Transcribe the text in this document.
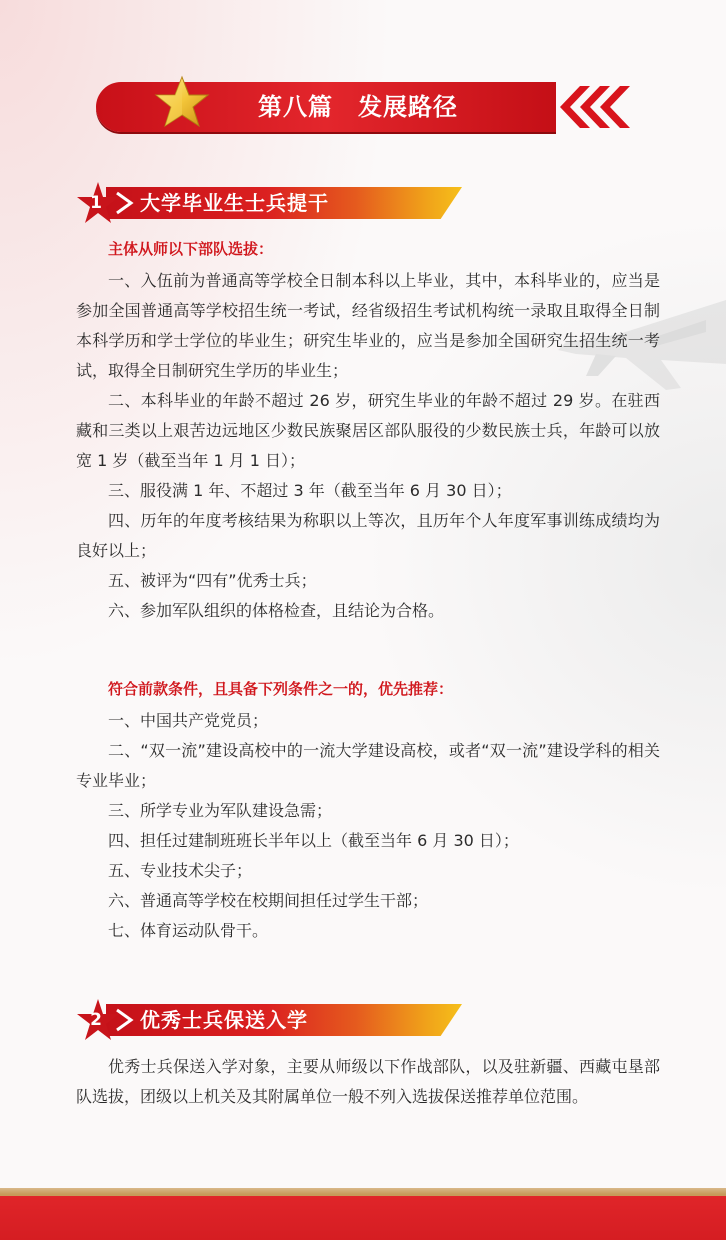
第八篇　发展路径
1	大学毕业生士兵提干

主体从师以下部队选拔：

一、入伍前为普通高等学校全日制本科以上毕业，其中，本科毕业的，应当是参加全国普通高等学校招生统一考试，经省级招生考试机构统一录取且取得全日制本科学历和学士学位的毕业生；研究生毕业的，应当是参加全国研究生招生统一考试，取得全日制研究生学历的毕业生；

二、本科毕业的年龄不超过 26 岁，研究生毕业的年龄不超过 29 岁。在驻西藏和三类以上艰苦边远地区少数民族聚居区部队服役的少数民族士兵，年龄可以放宽 1 岁（截至当年 1 月 1 日）；

三、服役满 1 年、不超过 3 年（截至当年 6 月 30 日）；

四、历年的年度考核结果为称职以上等次，且历年个人年度军事训练成绩均为良好以上；

五、被评为“四有”优秀士兵；

六、参加军队组织的体格检查，且结论为合格。

符合前款条件，且具备下列条件之一的，优先推荐：

一、中国共产党党员；

二、“双一流”建设高校中的一流大学建设高校，或者“双一流”建设学科的相关专业毕业；

三、所学专业为军队建设急需；

四、担任过建制班班长半年以上（截至当年 6 月 30 日）；

五、专业技术尖子；

六、普通高等学校在校期间担任过学生干部；

七、体育运动队骨干。

2	优秀士兵保送入学

优秀士兵保送入学对象，主要从师级以下作战部队，以及驻新疆、西藏屯垦部队选拔，团级以上机关及其附属单位一般不列入选拔保送推荐单位范围。
